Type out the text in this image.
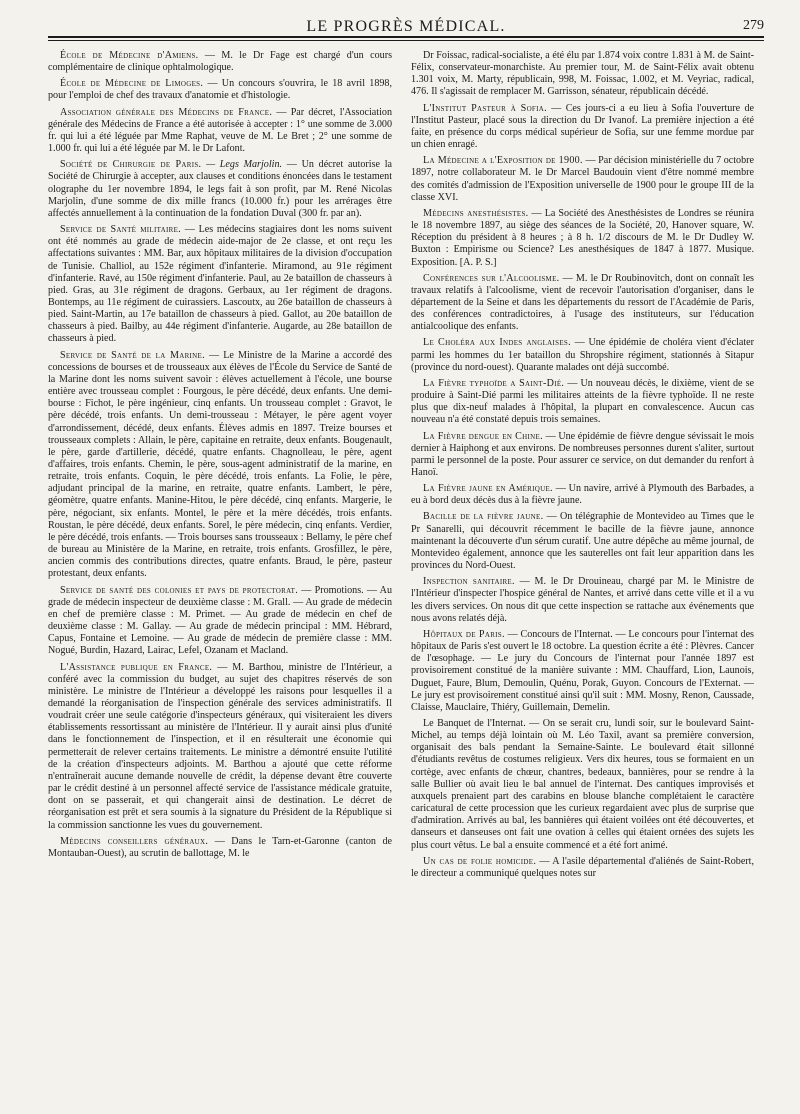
LE PROGRÈS MÉDICAL.	279

École de Médecine d'Amiens. — M. le Dr Fage est chargé d'un cours complémentaire de clinique ophtalmologique.

École de Médecine de Limoges. — Un concours s'ouvrira, le 18 avril 1898, pour l'emploi de chef des travaux d'anatomie et d'histologie.

Association générale des Médecins de France. — Par décret, l'Association générale des Médecins de France a été autorisée à accepter : 1° une somme de 3.000 fr. qui lui a été léguée par Mme Raphat, veuve de M. Le Bret ; 2° une somme de 1.000 fr. qui lui a été léguée par M. le Dr Lafont.

Société de Chirurgie de Paris. — Legs Marjolin. — Un décret autorise la Société de Chirurgie à accepter, aux clauses et conditions énoncées dans le testament olographe du 1er novembre 1894, le legs fait à son profit, par M. René Nicolas Marjolin, d'une somme de dix mille francs (10.000 fr.) pour les arrérages être affectés annuellement à la continuation de la fondation Duval (300 fr. par an).

Service de Santé militaire. — Les médecins stagiaires dont les noms suivent ont été nommés au grade de médecin aide-major de 2e classe, et ont reçu les affectations suivantes : MM. Bar, aux hôpitaux militaires de la division d'occupation de Tunisie. Challiol, au 152e régiment d'infanterie. Miramond, au 91e régiment d'infanterie. Ravé, au 150e régiment d'infanterie. Paul, au 2e bataillon de chasseurs à pied. Gras, au 31e régiment de dragons. Gerbaux, au 1er régiment de dragons. Bontemps, au 11e régiment de cuirassiers. Lascoutx, au 26e bataillon de chasseurs à pied. Saint-Martin, au 17e bataillon de chasseurs à pied. Gallot, au 20e bataillon de chasseurs à pied. Bailby, au 44e régiment d'infanterie. Augarde, au 28e bataillon de chasseurs à pied.

Service de Santé de la Marine. — Le Ministre de la Marine a accordé des concessions de bourses et de trousseaux aux élèves de l'École du Service de Santé de la Marine dont les noms suivent savoir : élèves actuellement à l'école, une bourse entière avec trousseau complet : Fourgous, le père décédé, deux enfants. Une demi-bourse : Fichot, le père ingénieur, cinq enfants. Un trousseau complet : Gravot, le père décédé, trois enfants. Un demi-trousseau : Métayer, le père agent voyer d'arrondissement, décédé, deux enfants. Élèves admis en 1897. Treize bourses et trousseaux complets : Allain, le père, capitaine en retraite, deux enfants. Bougenault, le père, garde d'artillerie, décédé, quatre enfants. Chagnolleau, le père, agent d'affaires, trois enfants. Chemin, le père, sous-agent administratif de la marine, en retraite, trois enfants. Coquin, le père décédé, trois enfants. La Folie, le père, adjudant principal de la marine, en retraite, quatre enfants. Lambert, le père, géomètre, quatre enfants. Manine-Hitou, le père décédé, cinq enfants. Margerie, le père, négociant, six enfants. Montel, le père et la mère décédés, trois enfants. Roustan, le père décédé, deux enfants. Sorel, le père médecin, cinq enfants. Verdier, le père décédé, trois enfants. — Trois bourses sans trousseaux : Bellamy, le père chef de bureau au Ministère de la Marine, en retraite, trois enfants. Grosfillez, le père, ancien commis des contributions directes, quatre enfants. Braud, le père, pasteur protestant, deux enfants.

Service de santé des colonies et pays de protectorat. — Promotions. — Au grade de médecin inspecteur de deuxième classe : M. Grall. — Au grade de médecin en chef de première classe : M. Primet. — Au grade de médecin en chef de deuxième classe : M. Gallay. — Au grade de médecin principal : MM. Hébrard, Capus, Fontaine et Lemoine. — Au grade de médecin de première classe : MM. Nogué, Burdin, Hazard, Lairac, Lefel, Ozanam et Macland.

L'Assistance publique en France. — M. Barthou, ministre de l'Intérieur, a conféré avec la commission du budget, au sujet des chapitres réservés de son ministère. Le ministre de l'Intérieur a développé les raisons pour lesquelles il a demandé la réorganisation de l'inspection générale des services administratifs. Il voudrait créer une seule catégorie d'inspecteurs généraux, qui visiteraient les divers établissements ressortissant au ministère de l'Intérieur. Il y aurait ainsi plus d'unité dans le fonctionnement de l'inspection, et il en résulterait une économie qui permetterait de relever certains traitements. Le ministre a démontré ensuite l'utilité de la création d'inspecteurs adjoints. M. Barthou a ajouté que cette réforme n'entraînerait aucune demande nouvelle de crédit, la dépense devant être couverte par le crédit destiné à un personnel affecté service de l'assistance médicale gratuite, dont on se passerait, et qui changerait ainsi de destination. Le décret de réorganisation est prêt et sera soumis à la signature du Président de la République si la commission sanctionne les vues du gouvernement.

Médecins conseillers généraux. — Dans le Tarn-et-Garonne (canton de Montauban-Ouest), au scrutin de ballottage, M. le

Dr Foissac, radical-socialiste, a été élu par 1.874 voix contre 1.831 à M. de Saint-Félix, conservateur-monarchiste. Au premier tour, M. de Saint-Félix avait obtenu 1.301 voix, M. Marty, républicain, 998, M. Foissac, 1.002, et M. Veyriac, radical, 476. Il s'agissait de remplacer M. Garrisson, sénateur, républicain décédé.

L'Institut Pasteur à Sofia. — Ces jours-ci a eu lieu à Sofia l'ouverture de l'Institut Pasteur, placé sous la direction du Dr Ivanof. La première injection a été faite, en présence du corps médical supérieur de Sofia, sur une femme mordue par un chien enragé.

La Médecine a l'Exposition de 1900. — Par décision ministérielle du 7 octobre 1897, notre collaborateur M. le Dr Marcel Baudouin vient d'être nommé membre des comités d'admission de l'Exposition universelle de 1900 pour le groupe III de la classe XVI.

Médecins anesthésistes. — La Société des Anesthésistes de Londres se réunira le 18 novembre 1897, au siège des séances de la Société, 20, Hanover square, W. Réception du président à 8 heures ; à 8 h. 1/2 discours de M. le Dr Dudley W. Buxton : Empirisme ou Science? Les anesthésiques de 1847 à 1877. Musique. Exposition. [A. P. S.]

Conférences sur l'Alcoolisme. — M. le Dr Roubinovitch, dont on connaît les travaux relatifs à l'alcoolisme, vient de recevoir l'autorisation d'organiser, dans le département de la Seine et dans les départements du ressort de l'Académie de Paris, des conférences contradictoires, à l'usage des instituteurs, sur l'éducation antialcoolique des enfants.

Le Choléra aux Indes anglaises. — Une épidémie de choléra vient d'éclater parmi les hommes du 1er bataillon du Shropshire régiment, stationnés à Sitapur (province du nord-ouest). Quarante malades ont déjà succombé.

La Fièvre typhoïde a Saint-Dié. — Un nouveau décès, le dixième, vient de se produire à Saint-Dié parmi les militaires atteints de la fièvre typhoïde. Il ne reste plus que dix-neuf malades à l'hôpital, la plupart en convalescence. Aucun cas nouveau n'a été constaté depuis trois semaines.

La Fièvre dengue en Chine. — Une épidémie de fièvre dengue sévissait le mois dernier à Haiphong et aux environs. De nombreuses personnes durent s'aliter, surtout parmi le personnel de la poste. Pour assurer ce service, on dut demander du renfort à Hanoï.

La Fièvre jaune en Amérique. — Un navire, arrivé à Plymouth des Barbades, a eu à bord deux décès dus à la fièvre jaune.

Bacille de la fièvre jaune. — On télégraphie de Montevideo au Times que le Pr Sanarelli, qui découvrit récemment le bacille de la fièvre jaune, annonce maintenant la découverte d'un sérum curatif. Une autre dépêche au même journal, de Montevideo également, annonce que les sauterelles ont fait leur apparition dans les provinces du Nord-Ouest.

Inspection sanitaire. — M. le Dr Drouineau, chargé par M. le Ministre de l'Intérieur d'inspecter l'hospice général de Nantes, et arrivé dans cette ville et il a vu les divers services. On nous dit que cette inspection se rattache aux événements que nous avons relatés déjà.

Hôpitaux de Paris. — Concours de l'Internat. — Le concours pour l'internat des hôpitaux de Paris s'est ouvert le 18 octobre. La question écrite a été : Plèvres. Cancer de l'œsophage. — Le jury du Concours de l'internat pour l'année 1897 est provisoirement constitué de la manière suivante : MM. Chauffard, Lion, Launois, Duguet, Faure, Blum, Demoulin, Quénu, Porak, Guyon. Concours de l'Externat. — Le jury est provisoirement constitué ainsi qu'il suit : MM. Mosny, Renon, Caussade, Claisse, Mauclaire, Thiéry, Guillemain, Demelin.

Le Banquet de l'Internat. — On se serait cru, lundi soir, sur le boulevard Saint-Michel, au temps déjà lointain où M. Léo Taxil, avant sa première conversion, organisait des bals pendant la Semaine-Sainte. Le boulevard était sillonné d'étudiants revêtus de costumes religieux. Vers dix heures, tous se formaient en un cortège, avec enfants de chœur, chantres, bedeaux, bannières, pour se rendre à la salle Bullier où avait lieu le bal annuel de l'internat. Des cantiques improvisés et auxquels prenaient part des carabins en blouse blanche complétaient le caractère caricatural de cette procession que les curieux regardaient avec plus de surprise que d'admiration. Arrivés au bal, les bannières qui étaient voilées ont été découvertes, et danseurs et danseuses ont fait une ovation à celles qui étaient ornées des sujets les plus court vêtus. Le bal a ensuite commencé et a été fort animé.

Un cas de folie homicide. — A l'asile départemental d'aliénés de Saint-Robert, le directeur a communiqué quelques notes sur
